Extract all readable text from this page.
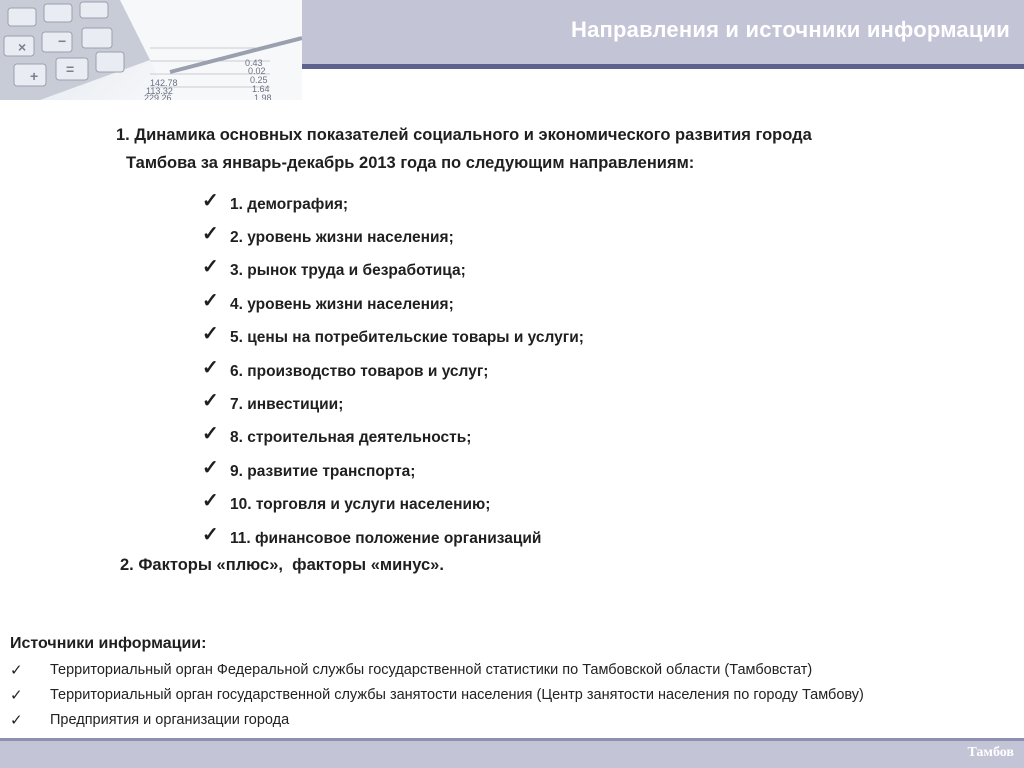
142.78
113.32
229.26
0.43
0.02
0.25
1.64
1.98
+ =
× −	Направления и источники информации
1. Динамика основных показателей социального и экономического развития города
Тамбова за январь-декабрь 2013 года по следующим направлениям:
✓ 1. демография;
✓ 2. уровень жизни населения;
✓ 3. рынок труда и безработица;
✓ 4. уровень жизни населения;
✓ 5. цены на потребительские товары и услуги;
✓ 6. производство товаров и услуг;
✓ 7. инвестиции;
✓ 8. строительная деятельность;
✓ 9. развитие транспорта;
✓ 10. торговля и услуги населению;
✓ 11. финансовое положение организаций
2. Факторы «плюс»,  факторы «минус».
Источники информации:
✓	Территориальный орган Федеральной службы государственной статистики по Тамбовской области (Тамбовстат)
✓	Территориальный орган государственной службы занятости населения (Центр занятости населения по городу Тамбову)
✓	Предприятия и организации города
Тамбов
